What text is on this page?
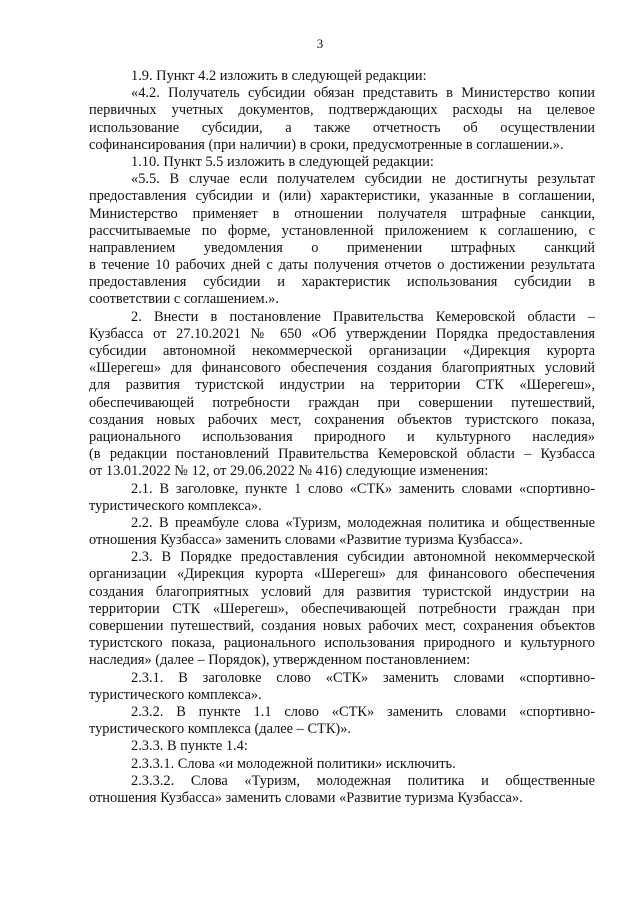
3
1.9. Пункт 4.2 изложить в следующей редакции:
«4.2. Получатель субсидии обязан представить в Министерство копии
первичных учетных документов, подтверждающих расходы на целевое
использование субсидии, а также отчетность об осуществлении
софинансирования (при наличии) в сроки, предусмотренные в соглашении.».
1.10. Пункт 5.5 изложить в следующей редакции:
«5.5. В случае если получателем субсидии не достигнуты результат
предоставления субсидии и (или) характеристики, указанные в соглашении,
Министерство применяет в отношении получателя штрафные санкции,
рассчитываемые по форме, установленной приложением к соглашению, с
направлением уведомления о применении штрафных санкций
в течение 10 рабочих дней с даты получения отчетов о достижении результата
предоставления субсидии и характеристик использования субсидии в
соответствии с соглашением.».
2. Внести в постановление Правительства Кемеровской области –
Кузбасса от 27.10.2021 № 650 «Об утверждении Порядка предоставления
субсидии автономной некоммерческой организации «Дирекция курорта
«Шерегеш» для финансового обеспечения создания благоприятных условий
для развития туристской индустрии на территории СТК «Шерегеш»,
обеспечивающей потребности граждан при совершении путешествий,
создания новых рабочих мест, сохранения объектов туристского показа,
рационального использования природного и культурного наследия»
(в редакции постановлений Правительства Кемеровской области – Кузбасса
от 13.01.2022 № 12, от 29.06.2022 № 416) следующие изменения:
2.1. В заголовке, пункте 1 слово «СТК» заменить словами «спортивно-
туристического комплекса».
2.2. В преамбуле слова «Туризм, молодежная политика и общественные
отношения Кузбасса» заменить словами «Развитие туризма Кузбасса».
2.3. В Порядке предоставления субсидии автономной некоммерческой
организации «Дирекция курорта «Шерегеш» для финансового обеспечения
создания благоприятных условий для развития туристской индустрии на
территории СТК «Шерегеш», обеспечивающей потребности граждан при
совершении путешествий, создания новых рабочих мест, сохранения объектов
туристского показа, рационального использования природного и культурного
наследия» (далее – Порядок), утвержденном постановлением:
2.3.1. В заголовке слово «СТК» заменить словами «спортивно-
туристического комплекса».
2.3.2. В пункте 1.1 слово «СТК» заменить словами «спортивно-
туристического комплекса (далее – СТК)».
2.3.3. В пункте 1.4:
2.3.3.1. Слова «и молодежной политики» исключить.
2.3.3.2. Слова «Туризм, молодежная политика и общественные
отношения Кузбасса» заменить словами «Развитие туризма Кузбасса».
